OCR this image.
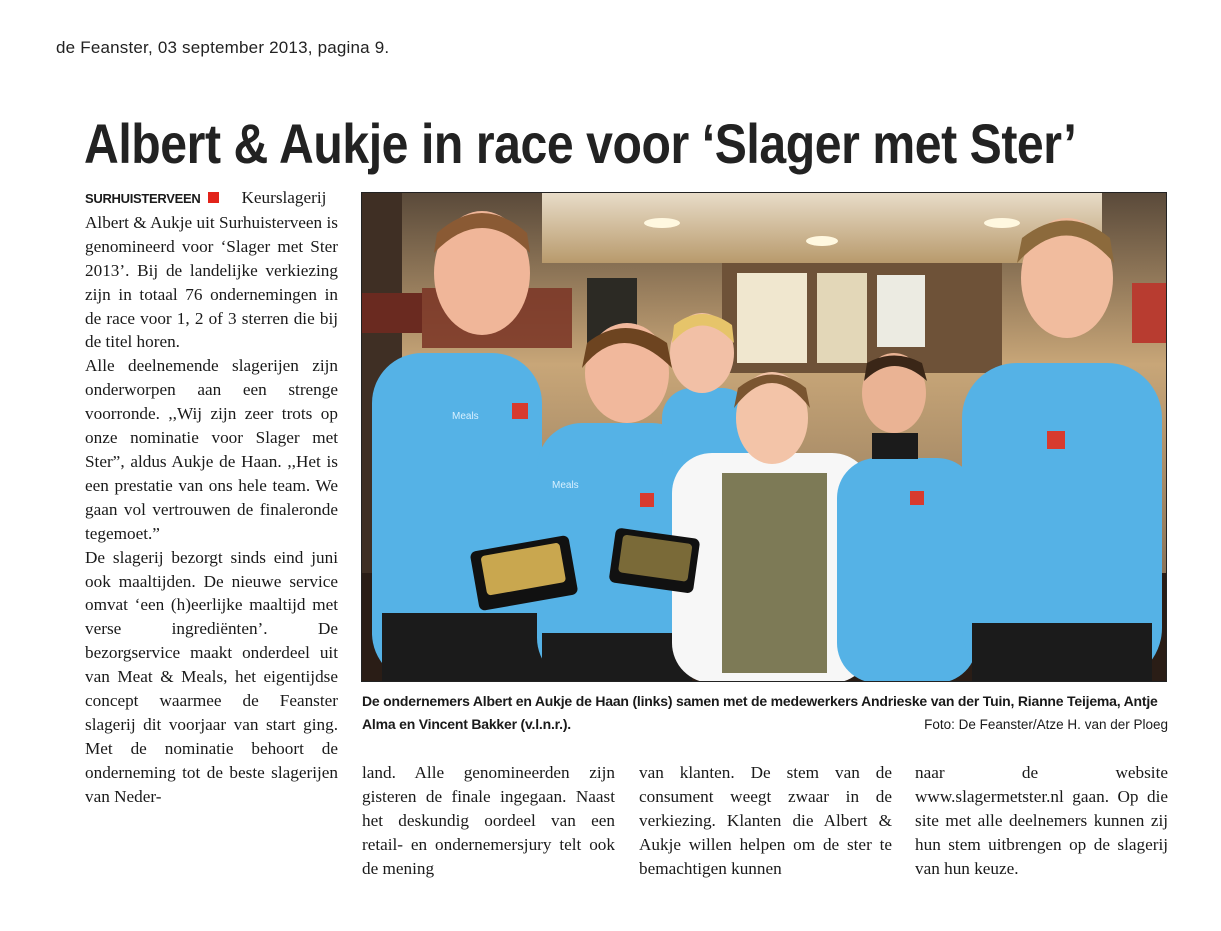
de Feanster, 03 september 2013, pagina 9.
Albert & Aukje in race voor ‘Slager met Ster’

SURHUISTERVEEN Keurslagerij Albert & Aukje uit Surhuisterveen is genomineerd voor ‘Slager met Ster 2013’. Bij de landelijke verkiezing zijn in totaal 76 ondernemingen in de race voor 1, 2 of 3 sterren die bij de titel horen.

Alle deelnemende slagerijen zijn onderworpen aan een strenge voorronde. ,,Wij zijn zeer trots op onze nominatie voor Slager met Ster”, aldus Aukje de Haan. ,,Het is een prestatie van ons hele team. We gaan vol vertrouwen de finaleronde tegemoet.”

De slagerij bezorgt sinds eind juni ook maaltijden. De nieuwe service omvat ‘een (h)eerlijke maaltijd met verse ingrediënten’. De bezorgservice maakt onderdeel uit van Meat & Meals, het eigentijdse concept waarmee de Feanster slagerij dit voorjaar van start ging. Met de nominatie behoort de onderneming tot de beste slagerijen van Neder-

Meals
Meals
De ondernemers Albert en Aukje de Haan (links) samen met de medewerkers Andrieske van der Tuin, Rianne Teijema, Antje Alma en Vincent Bakker (v.l.n.r.).	Foto: De Feanster/Atze H. van der Ploeg

land. Alle genomineerden zijn gisteren de finale ingegaan. Naast het deskundig oordeel van een retail- en ondernemersjury telt ook de mening

van klanten. De stem van de consument weegt zwaar in de verkiezing. Klanten die Albert & Aukje willen helpen om de ster te bemachtigen kunnen

naar de website www.slagermetster.nl gaan. Op die site met alle deelnemers kunnen zij hun stem uitbrengen op de slagerij van hun keuze.
